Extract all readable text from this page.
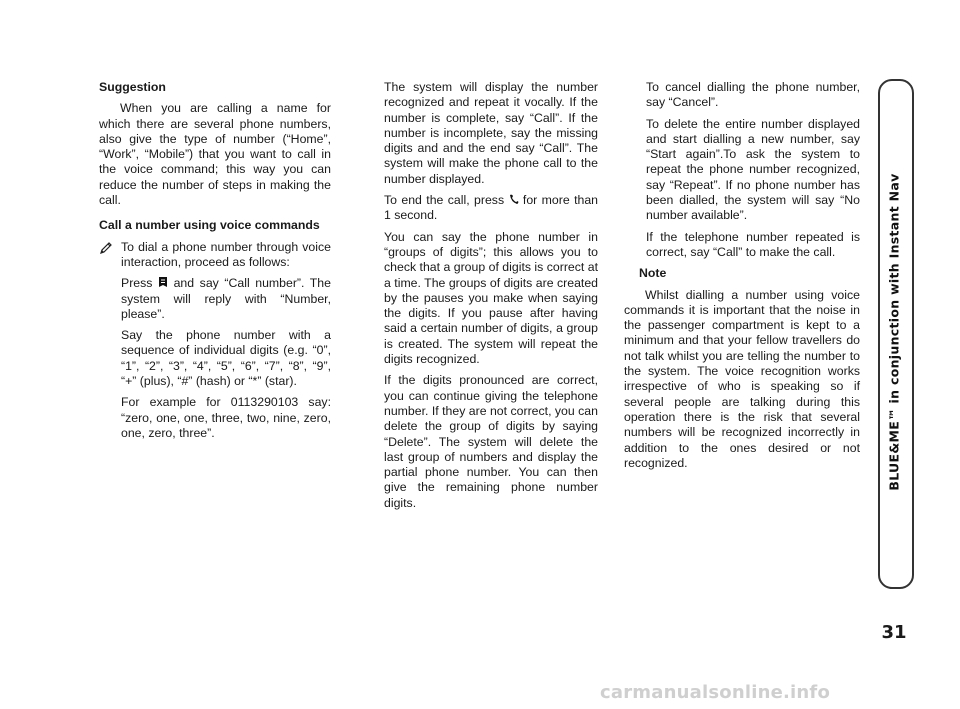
Suggestion

When you are calling a name for which there are several phone numbers, also give the type of number (“Home”, “Work”, “Mobile”) that you want to call in the voice command; this way you can reduce the number of steps in making the call.

Call a number using voice commands

To dial a phone number through voice interaction, proceed as follows:

Press and say “Call number”. The system will reply with “Number, please”.

Say the phone number with a sequence of individual digits (e.g. “0”, “1”, “2”, “3”, “4”, “5”, “6”, “7”, “8”, “9”, “+” (plus), “#” (hash) or “*” (star).

For example for 0113290103 say: “zero, one, one, three, two, nine, zero, one, zero, three”.

The system will display the number recognized and repeat it vocally. If the number is complete, say “Call”. If the number is incomplete, say the missing digits and and the end say “Call”. The system will make the phone call to the number displayed.

To end the call, press for more than 1 second.

You can say the phone number in “groups of digits”; this allows you to check that a group of digits is correct at a time. The groups of digits are created by the pauses you make when saying the digits. If you pause after having said a certain number of digits, a group is created. The system will repeat the digits recognized.

If the digits pronounced are correct, you can continue giving the telephone number. If they are not correct, you can delete the group of digits by saying “Delete”. The system will delete the last group of numbers and display the partial phone number. You can then give the remaining phone number digits.

To cancel dialling the phone number, say “Cancel”.

To delete the entire number displayed and start dialling a new number, say “Start again”.To ask the system to repeat the phone number recognized, say “Repeat”. If no phone number has been dialled, the system will say “No number available”.

If the telephone number repeated is correct, say “Call” to make the call.

Note

Whilst dialling a number using voice commands it is important that the noise in the passenger compartment is kept to a minimum and that your fellow travellers do not talk whilst you are telling the number to the system. The voice recognition works irrespective of who is speaking so if several people are talking during this operation there is the risk that several numbers will be recognized incorrectly in addition to the ones desired or not recognized.	BLUE&ME™ in conjunction with Instant Nav
31
carmanualsonline.info
